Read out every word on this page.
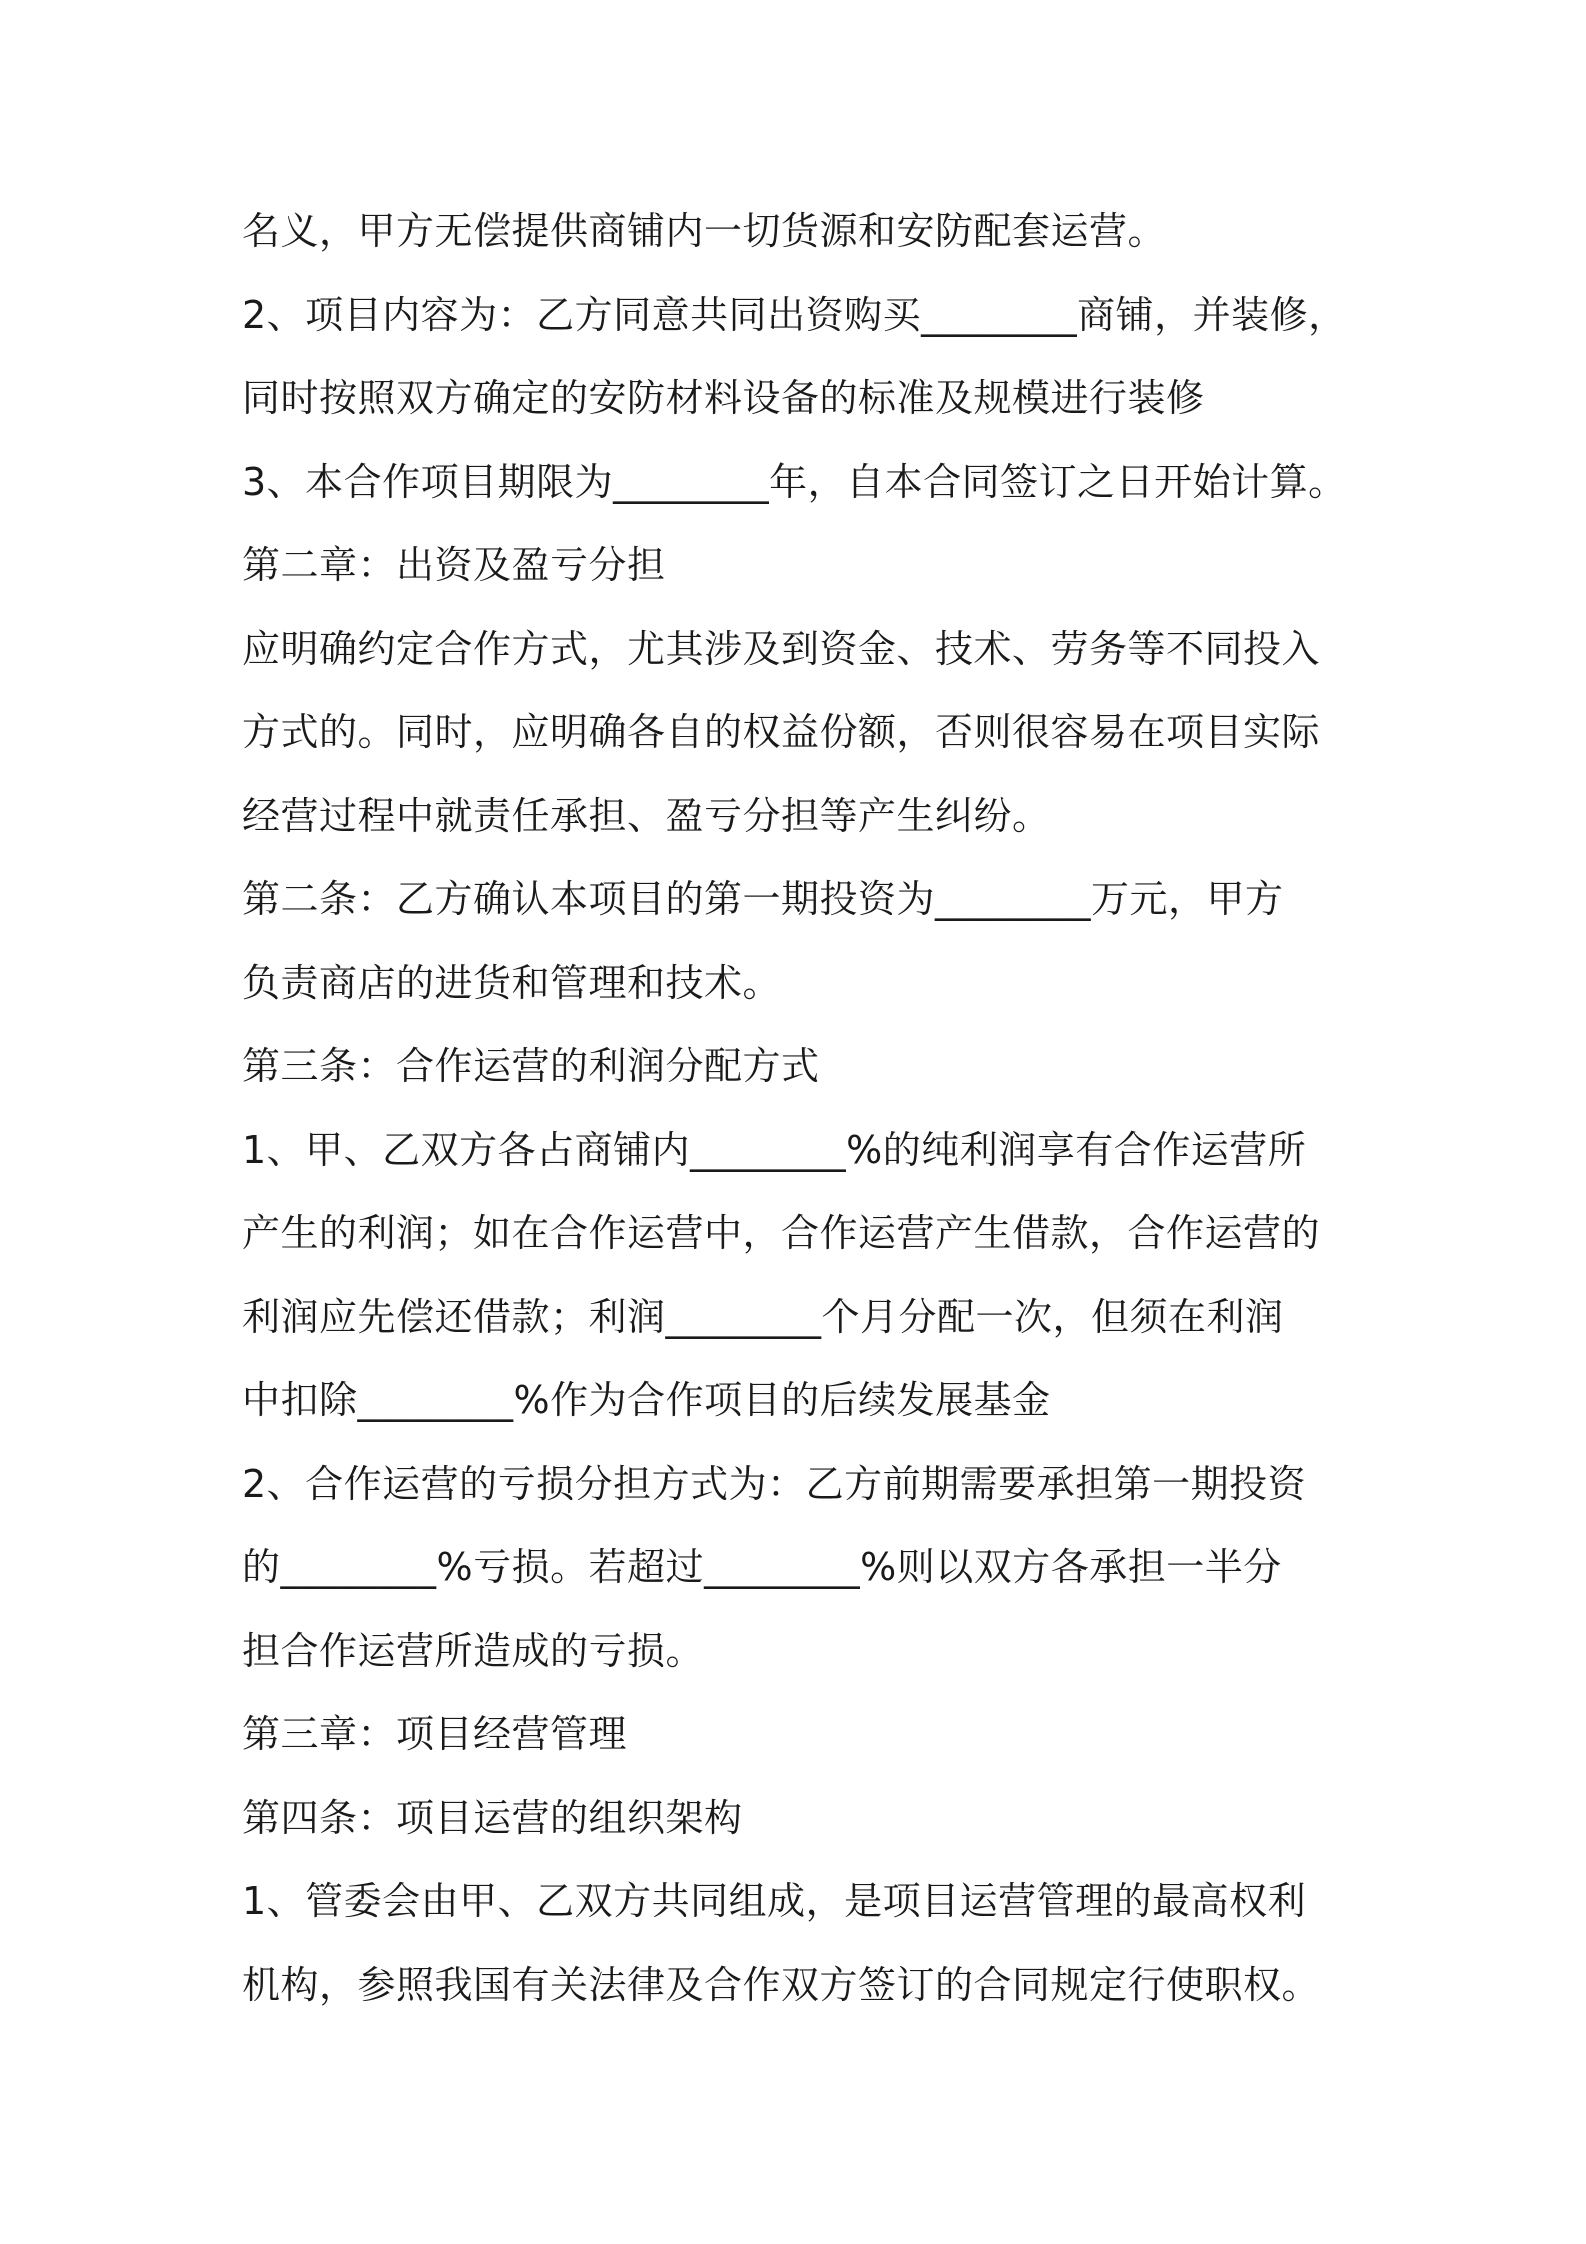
名义，甲方无偿提供商铺内一切货源和安防配套运营。
2、项目内容为：乙方同意共同出资购买________商铺，并装修，
同时按照双方确定的安防材料设备的标准及规模进行装修
3、本合作项目期限为________年，自本合同签订之日开始计算。
第二章：出资及盈亏分担
应明确约定合作方式，尤其涉及到资金、技术、劳务等不同投入
方式的。同时，应明确各自的权益份额，否则很容易在项目实际
经营过程中就责任承担、盈亏分担等产生纠纷。
第二条：乙方确认本项目的第一期投资为________万元，甲方
负责商店的进货和管理和技术。
第三条：合作运营的利润分配方式
1、甲、乙双方各占商铺内________%的纯利润享有合作运营所
产生的利润；如在合作运营中，合作运营产生借款，合作运营的
利润应先偿还借款；利润________个月分配一次，但须在利润
中扣除________%作为合作项目的后续发展基金
2、合作运营的亏损分担方式为：乙方前期需要承担第一期投资
的________%亏损。若超过________%则以双方各承担一半分
担合作运营所造成的亏损。
第三章：项目经营管理
第四条：项目运营的组织架构
1、管委会由甲、乙双方共同组成，是项目运营管理的最高权利
机构，参照我国有关法律及合作双方签订的合同规定行使职权。
